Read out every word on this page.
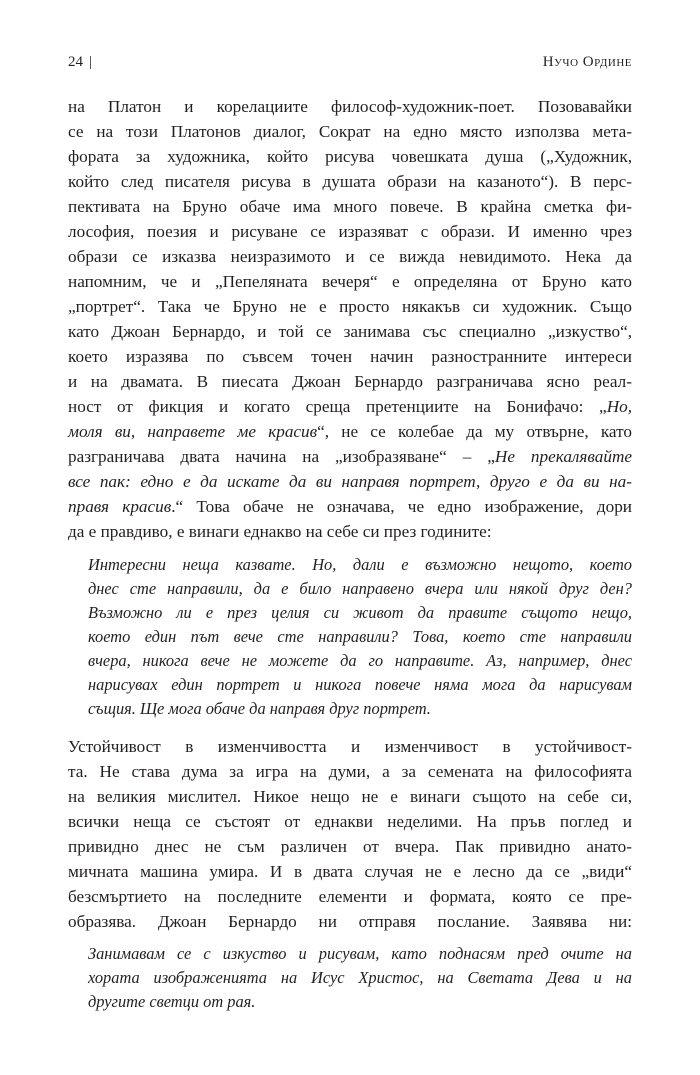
24 |	Нучо Ордине
на Платон и корелациите философ-художник-поет. Позовавайки
се на този Платонов диалог, Сократ на едно място използва мета-
фората за художника, който рисува човешката душа („Художник,
който след писателя рисува в душата образи на казаното“). В перс-
пективата на Бруно обаче има много повече. В крайна сметка фи-
лософия, поезия и рисуване се изразяват с образи. И именно чрез
образи се изказва неизразимото и се вижда невидимото. Нека да
напомним, че и „Пепеляната вечеря“ е определяна от Бруно като
„портрет“. Така че Бруно не е просто някакъв си художник. Също
като Джоан Бернардо, и той се занимава със специално „изкуство“,
което изразява по съвсем точен начин разностранните интереси
и на двамата. В пиесата Джоан Бернардо разграничава ясно реал-
ност от фикция и когато среща претенциите на Бонифачо: „Но,
моля ви, направете ме красив“, не се колебае да му отвърне, като
разграничава двата начина на „изобразяване“ – „Не прекалявайте
все пак: едно е да искате да ви направя портрет, друго е да ви на-
правя красив.“ Това обаче не означава, че едно изображение, дори
да е правдиво, е винаги еднакво на себе си през годините:
Интересни неща казвате. Но, дали е възможно нещото, което
днес сте направили, да е било направено вчера или някой друг ден?
Възможно ли е през целия си живот да правите същото нещо,
което един път вече сте направили? Това, което сте направили
вчера, никога вече не можете да го направите. Аз, например, днес
нарисувах един портрет и никога повече няма мога да нарисувам
същия. Ще мога обаче да направя друг портрет.
Устойчивост в изменчивостта и изменчивост в устойчивост-
та. Не става дума за игра на думи, а за семената на философията
на великия мислител. Никое нещо не е винаги същото на себе си,
всички неща се състоят от еднакви неделими. На пръв поглед и
привидно днес не съм различен от вчера. Пак привидно анато-
мичната машина умира. И в двата случая не е лесно да се „види“
безсмъртието на последните елементи и формата, която се пре-
образява. Джоан Бернардо ни отправя послание. Заявява ни:
Занимавам се с изкуство и рисувам, като поднасям пред очите на
хората изображенията на Исус Христос, на Светата Дева и на
другите светци от рая.
